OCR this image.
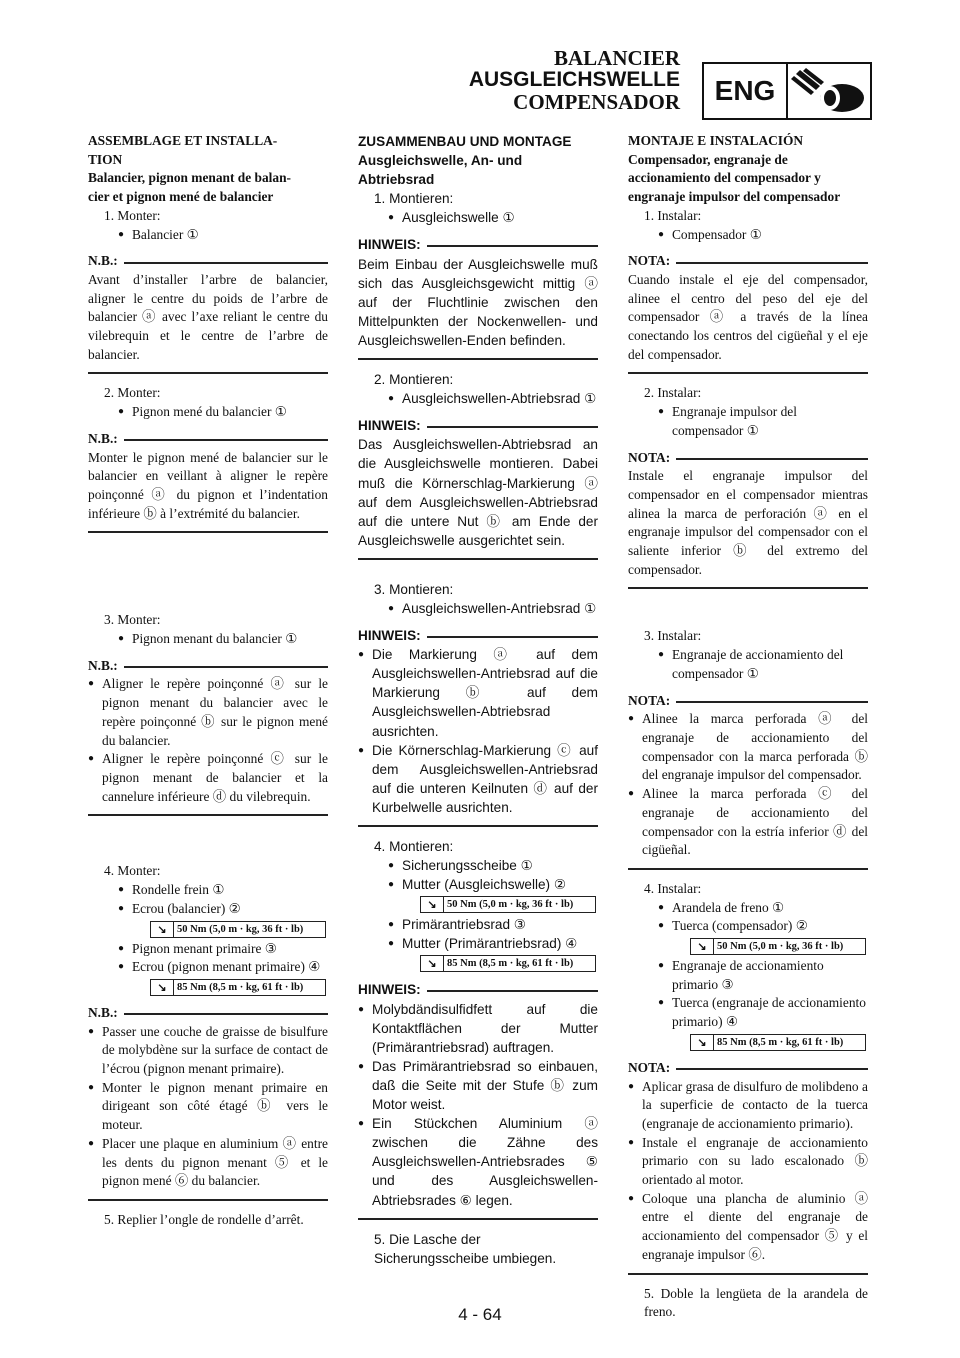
BALANCIER
AUSGLEICHSWELLE
COMPENSADOR	ENG
ASSEMBLAGE ET INSTALLA-
TION
Balancier, pignon menant de balan-
cier et pignon mené de balancier
1. Monter:
● Balancier ①
N.B.:
Avant d’installer l’arbre de balancier, aligner le centre du poids de l’arbre de balancier ⓐ avec l’axe reliant le centre du vilebrequin et le centre de l’arbre de balancier.
2. Monter:
● Pignon mené du balancier ①
N.B.:
Monter le pignon mené de balancier sur le balancier en veillant à aligner le repère poinçonné ⓐ du pignon et l’indentation inférieure ⓑ à l’extrémité du balancier.
3. Monter:
● Pignon menant du balancier ①
N.B.:
● Aligner le repère poinçonné ⓐ sur le pignon menant du balancier avec le repère poinçonné ⓑ sur le pignon mené du balancier.
● Aligner le repère poinçonné ⓒ sur le pignon menant de balancier et la cannelure inférieure ⓓ du vilebrequin.
4. Monter:
● Rondelle frein ①
● Ecrou (balancier) ②
↘ 50 Nm (5,0 m · kg, 36 ft · lb)
● Pignon menant primaire ③
● Ecrou (pignon menant primaire) ④
↘ 85 Nm (8,5 m · kg, 61 ft · lb)
N.B.:
● Passer une couche de graisse de bisulfure de molybdène sur la surface de contact de l’écrou (pignon menant primaire).
● Monter le pignon menant primaire en dirigeant son côté étagé ⓑ vers le moteur.
● Placer une plaque en aluminium ⓐ entre les dents du pignon menant ⑤ et le pignon mené ⑥ du balancier.
5. Replier l’ongle de rondelle d’arrêt.
ZUSAMMENBAU UND MONTAGE
Ausgleichswelle, An- und
Abtriebsrad
1. Montieren:
● Ausgleichswelle ①
HINWEIS:
Beim Einbau der Ausgleichswelle muß sich das Ausgleichsgewicht mittig ⓐ auf der Fluchtlinie zwischen den Mittelpunkten der Nockenwellen- und Ausgleichswellen-Enden befinden.
2. Montieren:
● Ausgleichswellen-Abtriebsrad ①
HINWEIS:
Das Ausgleichswellen-Abtriebsrad an die Ausgleichswelle montieren. Dabei muß die Körnerschlag-Markierung ⓐ auf dem Ausgleichswellen-Abtriebsrad auf die untere Nut ⓑ am Ende der Ausgleichswelle ausgerichtet sein.
3. Montieren:
● Ausgleichswellen-Antriebsrad ①
HINWEIS:
● Die Markierung ⓐ auf dem Ausgleichswellen-Antriebsrad auf die Markierung ⓑ auf dem Ausgleichswellen-Abtriebsrad ausrichten.
● Die Körnerschlag-Markierung ⓒ auf dem Ausgleichswellen-Antriebsrad auf die unteren Keilnuten ⓓ auf der Kurbelwelle ausrichten.
4. Montieren:
● Sicherungsscheibe ①
● Mutter (Ausgleichswelle) ②
↘ 50 Nm (5,0 m · kg, 36 ft · lb)
● Primärantriebsrad ③
● Mutter (Primärantriebsrad) ④
↘ 85 Nm (8,5 m · kg, 61 ft · lb)
HINWEIS:
● Molybdändisulfidfett auf die Kontaktflächen der Mutter (Primärantriebsrad) auftragen.
● Das Primärantriebsrad so einbauen, daß die Seite mit der Stufe ⓑ zum Motor weist.
● Ein Stückchen Aluminium ⓐ zwischen die Zähne des Ausgleichswellen-Antriebsrades ⑤ und des Ausgleichswellen-Abtriebsrades ⑥ legen.
5. Die Lasche der Sicherungsscheibe umbiegen.
MONTAJE E INSTALACIÓN
Compensador, engranaje de accionamiento del compensador y engranaje impulsor del compensador
1. Instalar:
● Compensador ①
NOTA:
Cuando instale el eje del compensador, alinee el centro del peso del eje del compensador ⓐ a través de la línea conectando los centros del cigüeñal y el eje del compensador.
2. Instalar:
● Engranaje impulsor del compensador ①
NOTA:
Instale el engranaje impulsor del compensador en el compensador mientras alinea la marca de perforación ⓐ en el engranaje impulsor del compensador con el saliente inferior ⓑ del extremo del compensador.
3. Instalar:
● Engranaje de accionamiento del compensador ①
NOTA:
● Alinee la marca perforada ⓐ del engranaje de accionamiento del compensador con la marca perforada ⓑ del engranaje impulsor del compensador.
● Alinee la marca perforada ⓒ del engranaje de accionamiento del compensador con la estría inferior ⓓ del cigüeñal.
4. Instalar:
● Arandela de freno ①
● Tuerca (compensador) ②
↘ 50 Nm (5,0 m · kg, 36 ft · lb)
● Engranaje de accionamiento primario ③
● Tuerca (engranaje de accionamiento primario) ④
↘ 85 Nm (8,5 m · kg, 61 ft · lb)
NOTA:
● Aplicar grasa de disulfuro de molibdeno a la superficie de contacto de la tuerca (engranaje de accionamiento primario).
● Instale el engranaje de accionamiento primario con su lado escalonado ⓑ orientado al motor.
● Coloque una plancha de aluminio ⓐ entre el diente del engranaje de accionamiento del compensador ⑤ y el engranaje impulsor ⑥.
5. Doble la lengüeta de la arandela de freno.
4 - 64
